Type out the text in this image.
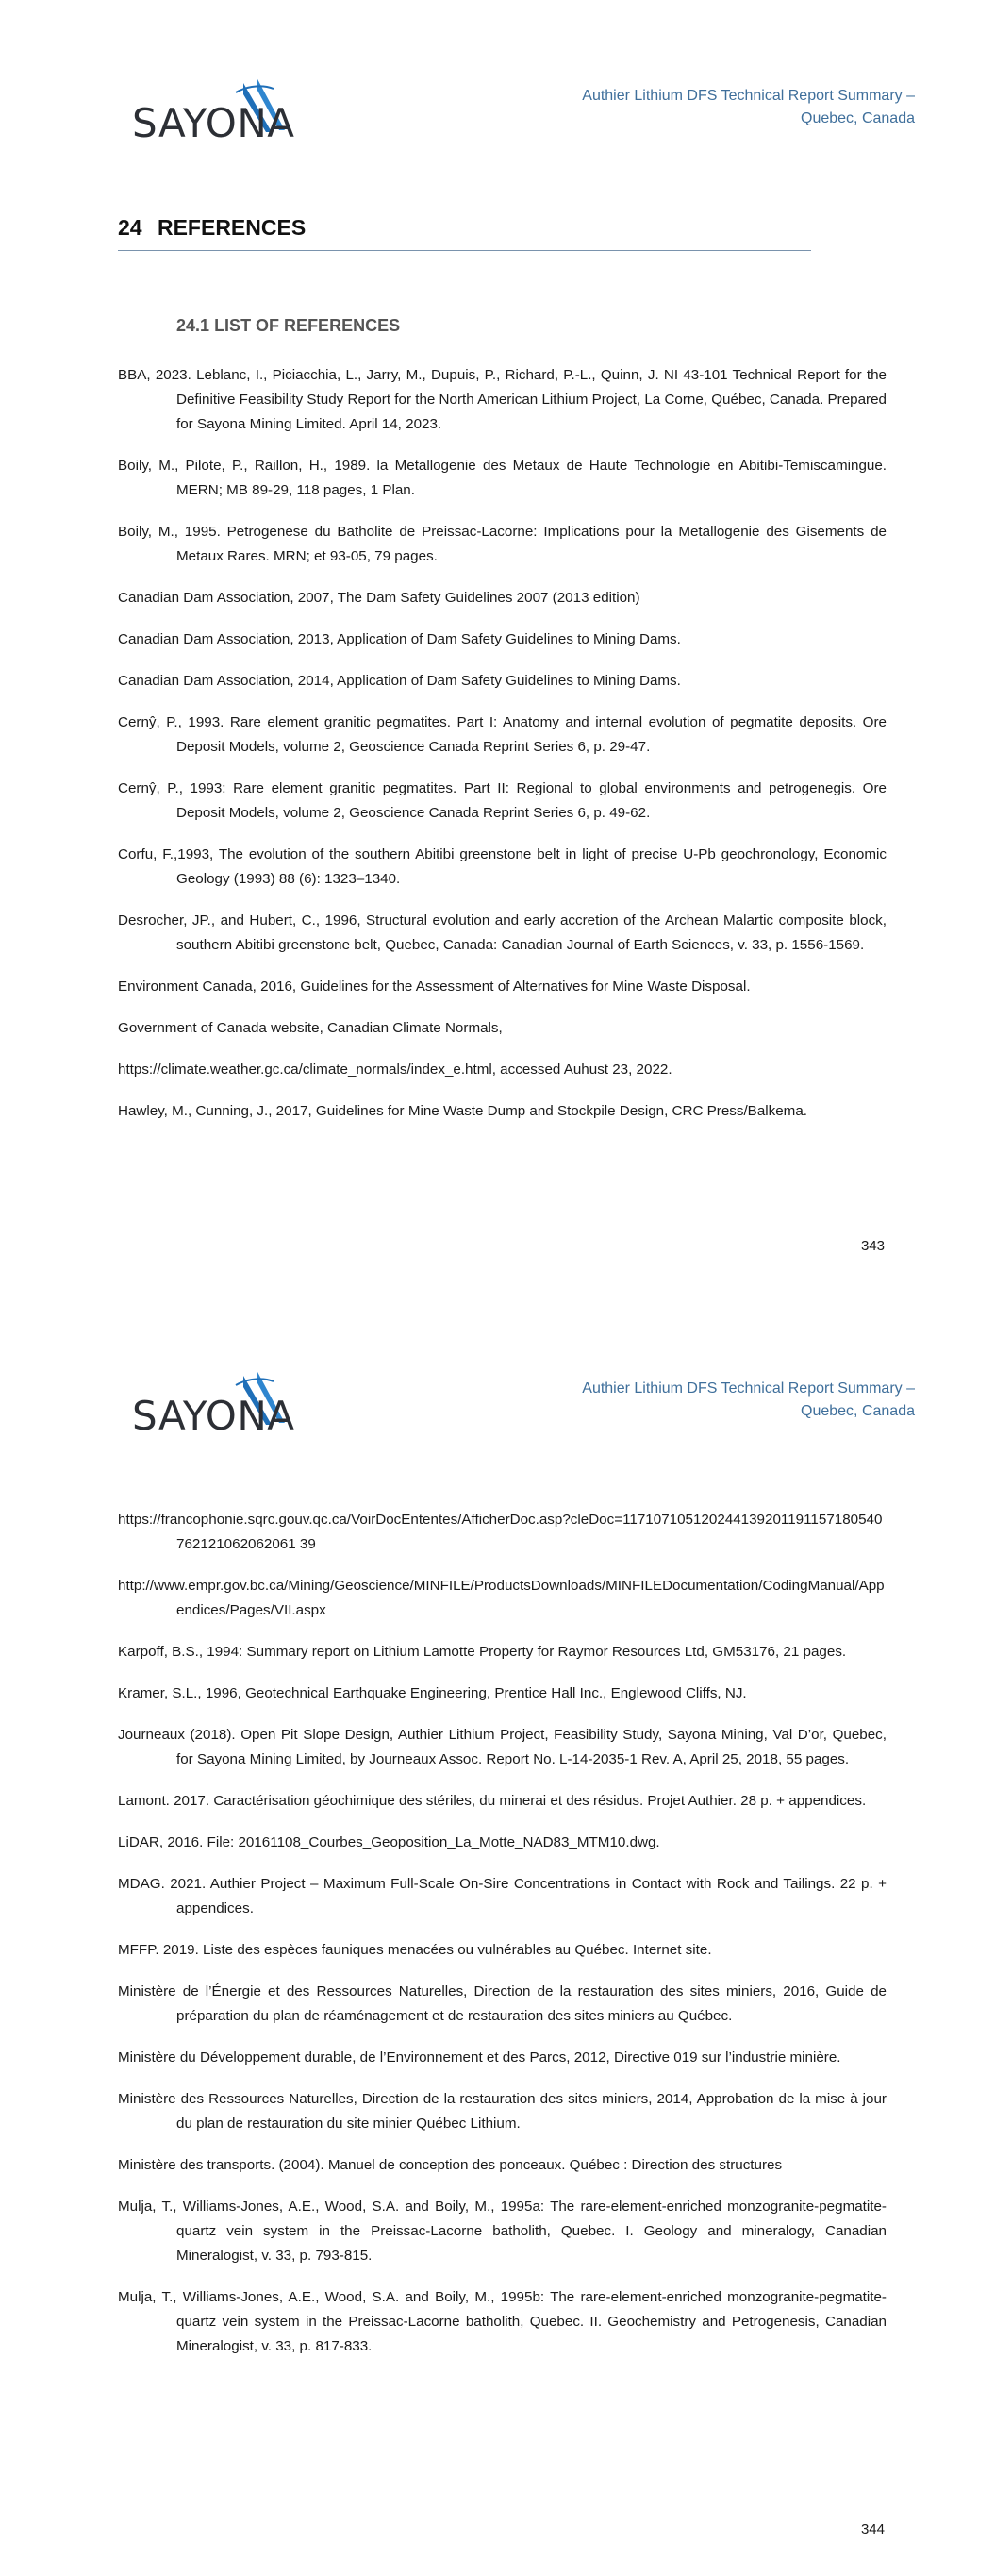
SAYONA
Authier Lithium DFS Technical Report Summary –
Quebec, Canada
24 REFERENCES
24.1 LIST OF REFERENCES

BBA, 2023. Leblanc, I., Piciacchia, L., Jarry, M., Dupuis, P., Richard, P.-L., Quinn, J. NI 43-101 Technical Report for the Definitive Feasibility Study Report for the North American Lithium Project, La Corne, Québec, Canada. Prepared for Sayona Mining Limited. April 14, 2023.

Boily, M., Pilote, P., Raillon, H., 1989. la Metallogenie des Metaux de Haute Technologie en Abitibi-Temiscamingue. MERN; MB 89-29, 118 pages, 1 Plan.

Boily, M., 1995. Petrogenese du Batholite de Preissac-Lacorne: Implications pour la Metallogenie des Gisements de Metaux Rares. MRN; et 93-05, 79 pages.

Canadian Dam Association, 2007, The Dam Safety Guidelines 2007 (2013 edition)

Canadian Dam Association, 2013, Application of Dam Safety Guidelines to Mining Dams.

Canadian Dam Association, 2014, Application of Dam Safety Guidelines to Mining Dams.

Cernŷ, P., 1993. Rare element granitic pegmatites. Part I: Anatomy and internal evolution of pegmatite deposits. Ore Deposit Models, volume 2, Geoscience Canada Reprint Series 6, p. 29-47.

Cernŷ, P., 1993: Rare element granitic pegmatites. Part II: Regional to global environments and petrogenegis. Ore Deposit Models, volume 2, Geoscience Canada Reprint Series 6, p. 49-62.

Corfu, F.,1993, The evolution of the southern Abitibi greenstone belt in light of precise U-Pb geochronology, Economic Geology (1993) 88 (6): 1323–1340.

Desrocher, JP., and Hubert, C., 1996, Structural evolution and early accretion of the Archean Malartic composite block, southern Abitibi greenstone belt, Quebec, Canada: Canadian Journal of Earth Sciences, v. 33, p. 1556-1569.

Environment Canada, 2016, Guidelines for the Assessment of Alternatives for Mine Waste Disposal.

Government of Canada website, Canadian Climate Normals,

https://climate.weather.gc.ca/climate_normals/index_e.html, accessed Auhust 23, 2022.

Hawley, M., Cunning, J., 2017, Guidelines for Mine Waste Dump and Stockpile Design, CRC Press/Balkema.

343
SAYONA
Authier Lithium DFS Technical Report Summary –
Quebec, Canada

https://francophonie.sqrc.gouv.qc.ca/VoirDocEntentes/AfficherDoc.asp?cleDoc=117107105120244139201191157180540762121062062061 39

http://www.empr.gov.bc.ca/Mining/Geoscience/MINFILE/ProductsDownloads/MINFILEDocumentation/CodingManual/Appendices/Pages/VII.aspx

Karpoff, B.S., 1994: Summary report on Lithium Lamotte Property for Raymor Resources Ltd, GM53176, 21 pages.

Kramer, S.L., 1996, Geotechnical Earthquake Engineering, Prentice Hall Inc., Englewood Cliffs, NJ.

Journeaux (2018). Open Pit Slope Design, Authier Lithium Project, Feasibility Study, Sayona Mining, Val D’or, Quebec, for Sayona Mining Limited, by Journeaux Assoc. Report No. L-14-2035-1 Rev. A, April 25, 2018, 55 pages.

Lamont. 2017. Caractérisation géochimique des stériles, du minerai et des résidus. Projet Authier. 28 p. + appendices.

LiDAR, 2016. File: 20161108_Courbes_Geoposition_La_Motte_NAD83_MTM10.dwg.

MDAG. 2021. Authier Project – Maximum Full-Scale On-Sire Concentrations in Contact with Rock and Tailings. 22 p. + appendices.

MFFP. 2019. Liste des espèces fauniques menacées ou vulnérables au Québec. Internet site.

Ministère de l’Énergie et des Ressources Naturelles, Direction de la restauration des sites miniers, 2016, Guide de préparation du plan de réaménagement et de restauration des sites miniers au Québec.

Ministère du Développement durable, de l’Environnement et des Parcs, 2012, Directive 019 sur l’industrie minière.

Ministère des Ressources Naturelles, Direction de la restauration des sites miniers, 2014, Approbation de la mise à jour du plan de restauration du site minier Québec Lithium.

Ministère des transports. (2004). Manuel de conception des ponceaux. Québec : Direction des structures

Mulja, T., Williams-Jones, A.E., Wood, S.A. and Boily, M., 1995a: The rare-element-enriched monzogranite-pegmatite-quartz vein system in the Preissac-Lacorne batholith, Quebec. I. Geology and mineralogy, Canadian Mineralogist, v. 33, p. 793-815.

Mulja, T., Williams-Jones, A.E., Wood, S.A. and Boily, M., 1995b: The rare-element-enriched monzogranite-pegmatite-quartz vein system in the Preissac-Lacorne batholith, Quebec. II. Geochemistry and Petrogenesis, Canadian Mineralogist, v. 33, p. 817-833.

344
